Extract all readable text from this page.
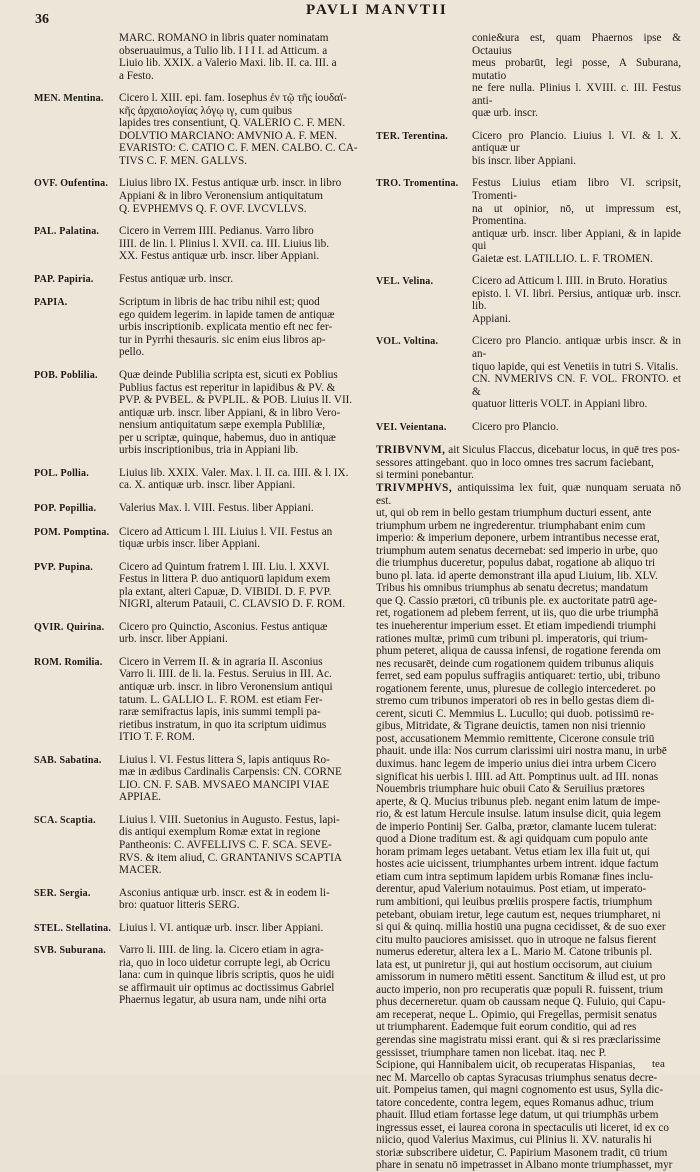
36
PAVLI MANVTII
MARC. ROMANO in libris quater nominatam
obseruauimus, a Tulio lib. I I I I. ad Atticum. a
Liuio lib. XXIX. a Valerio Maxi. lib. II. ca. III. a
a Festo.
MEN. Mentina.	Cicero l. XIII. epi. fam. Iosephus ἐν τῷ τῆς ἰουδαϊ-
κῆς ἀρχαιολογίας λόγῳ ιγ, cum quibus
lapides tres consentiunt, Q. VALERIO C. F. MEN.
DOLVTIO MARCIANO: AMVNIO A. F. MEN.
EVARISTO: C. CATIO C. F. MEN. CALBO. C. CA-
TIVS C. F. MEN. GALLVS.
OVF. Oufentina. Liuius libro IX. Festus antiquæ urb. inscr. in libro
Appiani & in libro Veronensium antiquitatum
Q. EVPHEMVS Q. F. OVF. LVCVLLVS.
PAL. Palatina.	Cicero in Verrem IIII. Pedianus. Varro libro
IIII. de lin. l. Plinius l. XVII. ca. III. Liuius lib.
XX. Festus antiquæ urb. inscr. liber Appiani.
PAP. Papiria.	Festus antiquæ urb. inscr.
PAPIA.	Scriptum in libris de hac tribu nihil est; quod
ego quidem legerim. in lapide tamen de antiquæ
urbis inscriptionib. explicata mentio eft nec fer-
tur in Pyrrhi thesauris. sic enim eius libros ap-
pello.
POB. Poblilia.	Quæ deinde Publilia scripta est, sicuti ex Poblius
Publius factus est reperitur in lapidibus & PV. &
PVP. & PVBEL. & PVPLIL. & POB. Liuius lI. VII.
antiquæ urb. inscr. liber Appiani, & in libro Vero-
nensium antiquitatum sæpe exempla Publiliæ,
per u scriptæ, quinque, habemus, duo in antiquæ
urbis inscriptionibus, tria in Appiani lib.
POL. Pollia.	Liuius lib. XXIX. Valer. Max. l. II. ca. IIII. & l. IX.
ca. X. antiquæ urb. inscr. liber Appiani.
POP. Popillia.	Valerius Max. l. VIII. Festus. liber Appiani.
POM. Pomptina. Cicero ad Atticum l. III. Liuius l. VII. Festus an
tiquæ urbis inscr. liber Appiani.
PVP. Pupina.	Cicero ad Quintum fratrem l. III. Liu. l. XXVI.
Festus in littera P. duo antiquorū lapidum exem
pla extant, alteri Capuæ, D. VIBIDI. D. F. PVP.
NIGRI, alterum Patauii, C. CLAVSIO D. F. ROM.
QVIR. Quirina.	Cicero pro Quinctio, Asconius. Festus antiquæ
urb. inscr. liber Appiani.
ROM. Romilia.	Cicero in Verrem II. & in agraria II. Asconius
Varro li. IIII. de li. la. Festus. Seruius in III. Ac.
antiquæ urb. inscr. in libro Veronensium antiqui
tatum. L. GALLIO L. F. ROM. est etiam Fer-
raræ semifractus lapis, inis summi templi pa-
rietibus instratum, in quo ita scriptum uidimus
ITIO T. F. ROM.
SAB. Sabatina.	Liuius l. VI. Festus littera S, lapis antiquus Ro-
mæ in ædibus Cardinalis Carpensis: CN. CORNE
LIO. CN. F. SAB. MVSAEO MANCIPI VIAE
APPIAE.
SCA. Scaptia.	Liuius l. VIII. Suetonius in Augusto. Festus, lapi-
dis antiqui exemplum Romæ extat in regione
Pantheonis: C. AVFELLIVS C. F. SCA. SEVE-
RVS. & item aliud, C. GRANTANIVS SCAPTIA
MACER.
SER. Sergia.	Asconius antiquæ urb. inscr. est & in eodem li-
bro: quatuor litteris SERG.
STEL. Stellatina. Liuius l. VI. antiquæ urb. inscr. liber Appiani.
SVB. Suburana.	Varro li. IIII. de ling. la. Cicero etiam in agra-
ria, quo in loco uidetur corrupte legi, ab Ocricu
lana: cum in quinque libris scriptis, quos he uidi
se affirmauit uir optimus ac doctissimus Gabriel
Phaernus legatur, ab usura nam, unde nihi orta
conie&ura est, quam Phaernos ipse & Octauius
meus probarūt, legi posse, A Suburana, mutatio
ne fere nulla. Plinius l. XVIII. c. III. Festus anti-
quæ urb. inscr.
TER. Terentina.	Cicero pro Plancio. Liuius l. VI. & l. X. antiquæ ur
bis inscr. liber Appiani.
TRO. Tromentina.	Festus Liuius etiam libro VI. scripsit, Tromenti-
na ut opinior, nō, ut impressum est, Promentina.
antiquæ urb. inscr. liber Appiani, & in lapide qui
Gaietæ est. LATILLIO. L. F. TROMEN.
VEL. Velina.	Cicero ad Atticum l. IIII. in Bruto. Horatius
episto. l. VI. libri. Persius, antiquæ urb. inscr. lib.
Appiani.
VOL. Voltina.	Cicero pro Plancio. antiquæ urbis inscr. & in an-
tiquo lapide, qui est Venetiis in tutri S. Vitalis.
CN. NVMERIVS CN. F. VOL. FRONTO. et &
quatuor litteris VOLT. in Appiani libro.
VEI. Veientana.	Cicero pro Plancio.
TRIBVNVM, ait Siculus Flaccus, dicebatur locus, in quē tres pos-
sessores attingebant. quo in loco omnes tres sacrum faciebant,
si termini ponebantur.
TRIVMPHVS, antiquissima lex fuit, quæ nunquam seruata nō est.
ut, qui ob rem in bello gestam triumphum ducturi essent, ante
triumphum urbem ne ingrederentur. triumphabant enim cum
imperio: & imperium deponere, urbem intrantibus necesse erat,
triumphum autem senatus decernebat: sed imperio in urbe, quo
die triumphus duceretur, populus dabat, rogatione ab aliquo tri
buno pl. lata. id aperte demonstrant illa apud Liuium, lib. XLV.
Tribus his omnibus triumphus ab senatu decretus; mandatum
que Q. Cassio prætori, cū tribunis ple. ex auctoritate patrū age-
ret, rogationem ad plebem ferrent, ut iis, quo die urbe triumphā
tes inueherentur imperium esset. Et etiam impediendi triumphi
rationes multæ, primū cum tribuni pl. imperatoris, qui trium-
phum peteret, aliqua de caussa infensi, de rogatione ferenda om
nes recusarēt, deinde cum rogationem quidem tribunus aliquis
ferret, sed eam populus suffragiis antiquaret: tertio, ubi, tribuno
rogationem ferente, unus, pluresue de collegio intercederet. po
stremo cum tribunos imperatori ob res in bello gestas diem di-
cerent, sicuti C. Memmius L. Lucullo; qui duob. potissimū re-
gibus, Mitridate, & Tigrane deuictis, tamen non nisi triennio
post, accusationem Memmio remittente, Cicerone consule triū
phauit. unde illa: Nos currum clarissimi uiri nostra manu, in urbē
duximus. hanc legem de imperio unius diei intra urbem Cicero
significat his uerbis l. IIII. ad Att. Pomptinus uult. ad III. nonas
Nouembris triumphare huic obuii Cato & Seruilius prætores
aperte, & Q. Mucius tribunus pleb. negant enim latum de impe-
rio, & est latum Hercule insulse. latum insulse dicit, quia legem
de imperio Pontinij Ser. Galba, prætor, clamante lucem tulerat:
quod a Dione traditum est. & agi quidquam cum populo ante
horam primam leges uetabant. Vetus etiam lex illa fuit ut, qui
hostes acie uicissent, triumphantes urbem intrent. idque factum
etiam cum intra septimum lapidem urbis Romanæ fines inclu-
derentur, apud Valerium notauimus. Post etiam, ut imperato-
rum ambitioni, qui leuibus prœliis prospere factis, triumphum
petebant, obuiam iretur, lege cautum est, neques triumpharet, ni
si qui & quinq. millia hostiū una pugna cecidisset, & de suo exer
citu multo pauciores amisisset. quo in utroque ne falsus fierent
numerus ederetur, altera lex a L. Mario M. Catone tribunis pl.
lata est, ut puniretur ji, qui aut hostium occisorum, aut ciuium
amissorum in numero mētiti essent. Sanctitum & illud est, ut pro
aucto imperio, non pro recuperatis quæ populi R. fuissent, trium
phus decerneretur. quam ob caussam neque Q. Fuluio, qui Capu-
am receperat, neque L. Opimio, qui Fregellas, permisit senatus
ut triumpharent. Eademque fuit eorum conditio, qui ad res
gerendas sine magistratu missi erant. qui & si res præclarissime
gessisset, triumphare tamen non licebat. itaq. nec P.
Scipione, qui Hannibalem uicit, ob recuperatas Hispanias,
nec M. Marcello ob captas Syracusas triumphus senatus decre-
uit. Pompeius tamen, qui magni cognomento est usus, Sylla dic-
tatore concedente, contra legem, eques Romanus adhuc, trium
phauit. Illud etiam fortasse lege datum, ut qui triumphās urbem
ingressus esset, ei laurea corona in spectaculis uti liceret, id ex co
niicio, quod Valerius Maximus, cui Plinius li. XV. naturalis hi
storiæ subscribere uidetur, C. Papirium Masonem tradit, cū trium
phare in senatu nō impetrasset in Albano monte triumphasset, myr
tea
